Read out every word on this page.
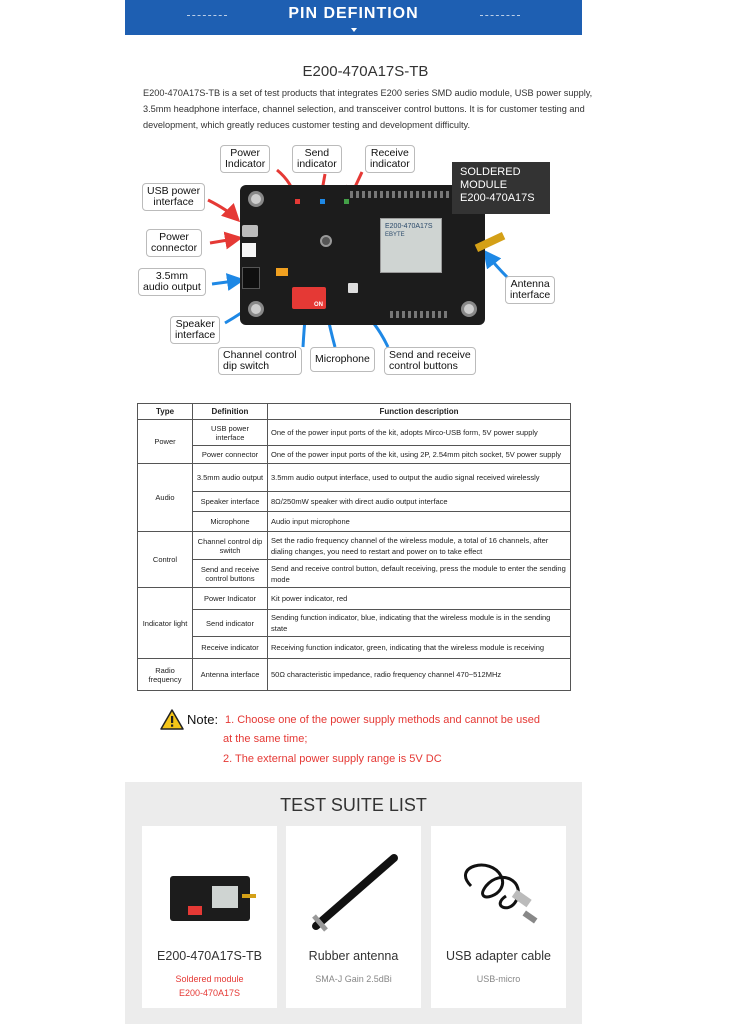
PIN DEFINTION
E200-470A17S-TB
E200-470A17S-TB is a set of test products that integrates E200 series SMD audio module, USB power supply, 3.5mm headphone interface, channel selection, and transceiver control buttons. It is for customer testing and development, which greatly reduces customer testing and development difficulty.
ON
E200-470A17S
EBYTE
SOLDERED
MODULE
E200-470A17S
Power
Indicator
Send
indicator
Receive
indicator
USB power
interface
Power
connector
3.5mm
audio output
Speaker
interface
Channel control
dip switch
Microphone	Send and receive
control buttons
Antenna
interface
Type	Definition	Function description
Power	USB power interface	One of the power input ports of the kit, adopts Mirco-USB form, 5V power supply
	Power connector	One of the power input ports of the kit, using 2P, 2.54mm pitch socket, 5V power supply
Audio	3.5mm audio output	3.5mm audio output interface, used to output the audio signal received wirelessly
	Speaker interface	8Ω/250mW speaker with direct audio output interface
	Microphone	Audio input microphone
Control	Channel control dip switch	Set the radio frequency channel of the wireless module, a total of 16 channels, after dialing changes, you need to restart and power on to take effect
	Send and receive control buttons	Send and receive control button, default receiving, press the module to enter the sending mode
Indicator light	Power Indicator	Kit power indicator, red
	Send indicator	Sending function indicator, blue, indicating that the wireless module is in the sending state
	Receive indicator	Receiving function indicator, green, indicating that the wireless module is receiving
Radio frequency	Antenna interface	50Ω characteristic impedance, radio frequency channel 470~512MHz
Note: 1. Choose one of the power supply methods and cannot be used
at the same time;
2. The external power supply range is 5V DC
TEST SUITE LIST
E200-470A17S-TB
Soldered module
E200-470A17S
Rubber antenna
SMA-J Gain 2.5dBi
USB adapter cable
USB-micro
